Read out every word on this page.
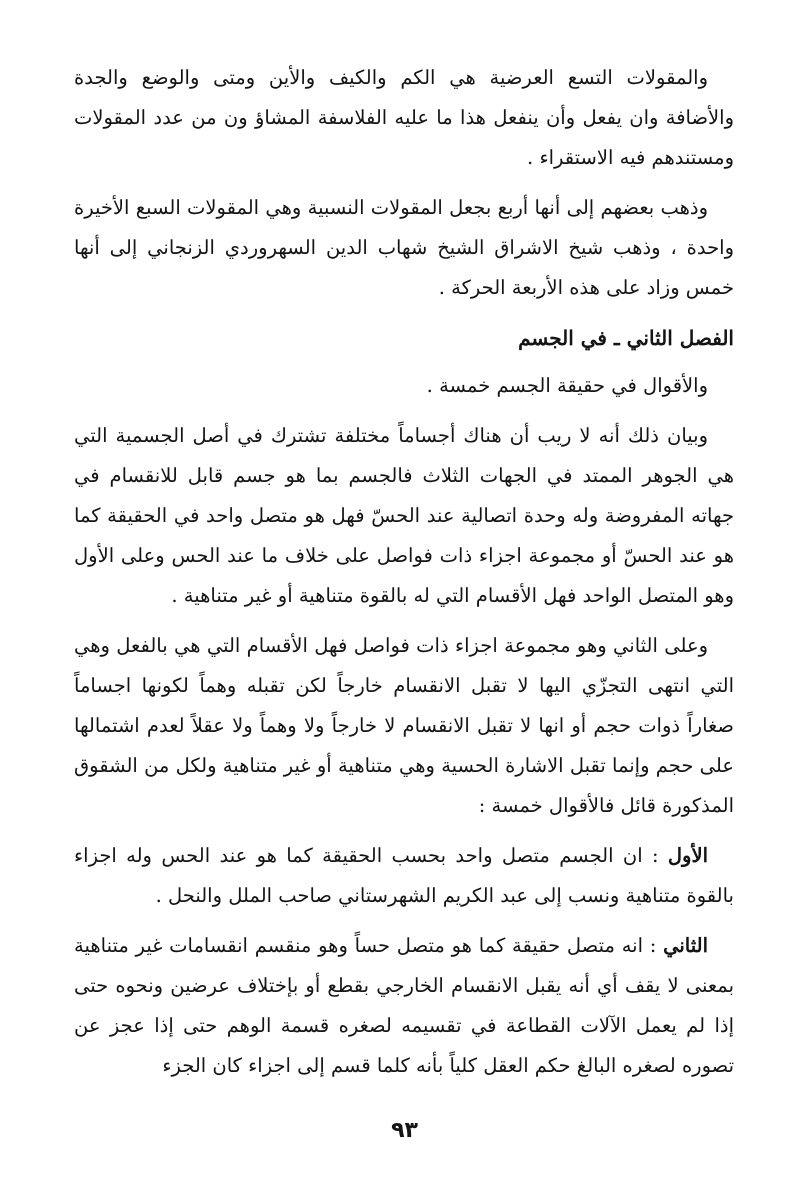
والمقولات التسع العرضية هي الكم والكيف والأين ومتى والوضع والجدة والأضافة وان يفعل وأن ينفعل هذا ما عليه الفلاسفة المشاؤ ون من عدد المقولات ومستندهم فيه الاستقراء .

وذهب بعضهم إلى أنها أربع بجعل المقولات النسبية وهي المقولات السبع الأخيرة واحدة ، وذهب شيخ الاشراق الشيخ شهاب الدين السهروردي الزنجاني إلى أنها خمس وزاد على هذه الأربعة الحركة .

الفصل الثاني ـ في الجسم

والأقوال في حقيقة الجسم خمسة .

وبيان ذلك أنه لا ريب أن هناك أجساماً مختلفة تشترك في أصل الجسمية التي هي الجوهر الممتد في الجهات الثلاث فالجسم بما هو جسم قابل للانقسام في جهاته المفروضة وله وحدة اتصالية عند الحسّ فهل هو متصل واحد في الحقيقة كما هو عند الحسّ أو مجموعة اجزاء ذات فواصل على خلاف ما عند الحس وعلى الأول وهو المتصل الواحد فهل الأقسام التي له بالقوة متناهية أو غير متناهية .

وعلى الثاني وهو مجموعة اجزاء ذات فواصل فهل الأقسام التي هي بالفعل وهي التي انتهى التجزّي اليها لا تقبل الانقسام خارجاً لكن تقبله وهماً لكونها اجساماً صغاراً ذوات حجم أو انها لا تقبل الانقسام لا خارجاً ولا وهماً ولا عقلاً لعدم اشتمالها على حجم وإنما تقبل الاشارة الحسية وهي متناهية أو غير متناهية ولكل من الشقوق المذكورة قائل فالأقوال خمسة :

الأول : ان الجسم متصل واحد بحسب الحقيقة كما هو عند الحس وله اجزاء بالقوة متناهية ونسب إلى عبد الكريم الشهرستاني صاحب الملل والنحل .

الثاني : انه متصل حقيقة كما هو متصل حساً وهو منقسم انقسامات غير متناهية بمعنى لا يقف أي أنه يقبل الانقسام الخارجي بقطع أو بإختلاف عرضين ونحوه حتى إذا لم يعمل الآلات القطاعة في تقسيمه لصغره قسمة الوهم حتى إذا عجز عن تصوره لصغره البالغ حكم العقل كلياً بأنه كلما قسم إلى اجزاء كان الجزء

٩٣
